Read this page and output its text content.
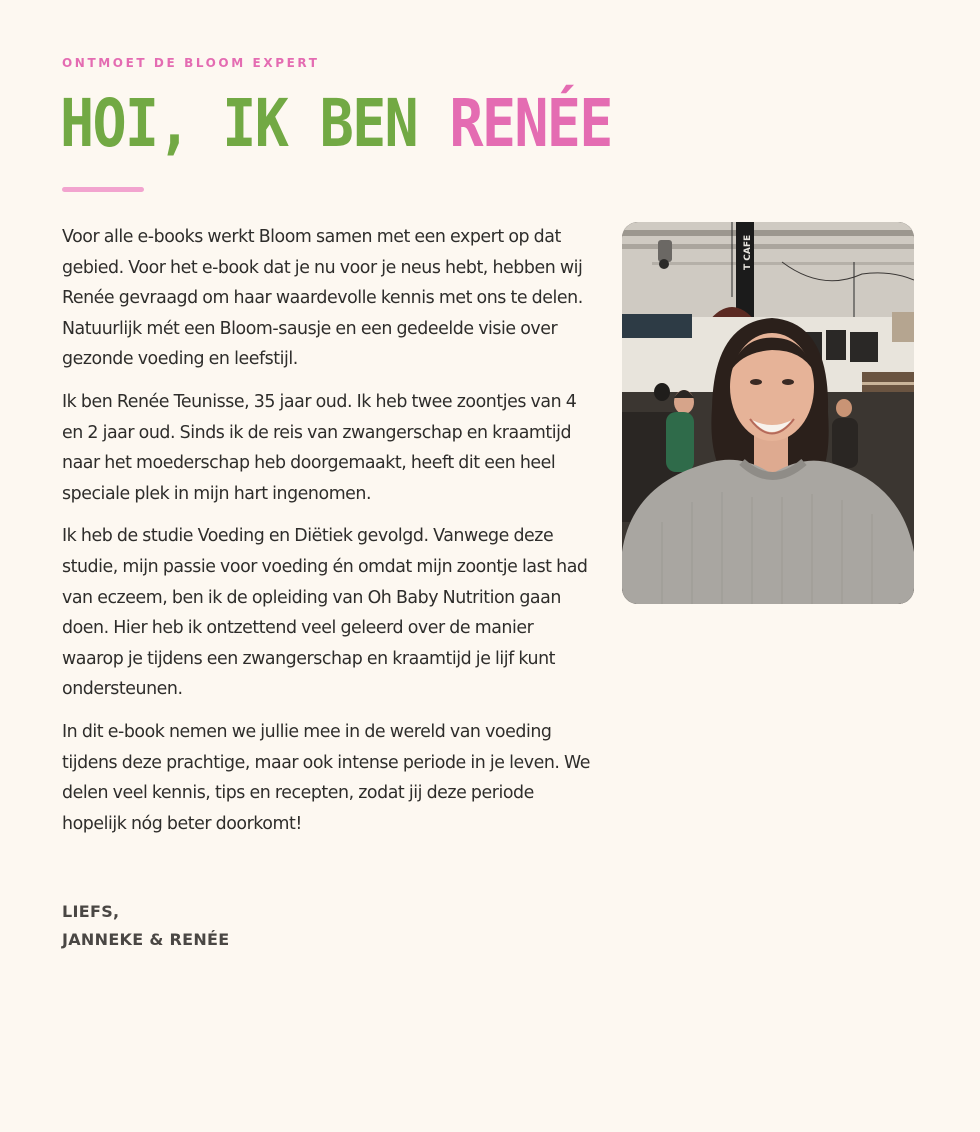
ONTMOET DE BLOOM EXPERT
HOI, IK BEN RENÉE

Voor alle e-books werkt Bloom samen met een expert op dat gebied. Voor het e-book dat je nu voor je neus hebt, hebben wij Renée gevraagd om haar waardevolle kennis met ons te delen. Natuurlijk mét een Bloom-sausje en een gedeelde visie over gezonde voeding en leefstijl.

Ik ben Renée Teunisse, 35 jaar oud. Ik heb twee zoontjes van 4 en 2 jaar oud. Sinds ik de reis van zwangerschap en kraamtijd naar het moederschap heb doorgemaakt, heeft dit een heel speciale plek in mijn hart ingenomen.

Ik heb de studie Voeding en Diëtiek gevolgd. Vanwege deze studie, mijn passie voor voeding én omdat mijn zoontje last had van eczeem, ben ik de opleiding van Oh Baby Nutrition gaan doen. Hier heb ik ontzettend veel geleerd over de manier waarop je tijdens een zwangerschap en kraamtijd je lijf kunt ondersteunen.

In dit e-book nemen we jullie mee in de wereld van voeding tijdens deze prachtige, maar ook intense periode in je leven. We delen veel kennis, tips en recepten, zodat jij deze periode hopelijk nóg beter doorkomt!

LIEFS,
JANNEKE & RENÉE
T CAFE
